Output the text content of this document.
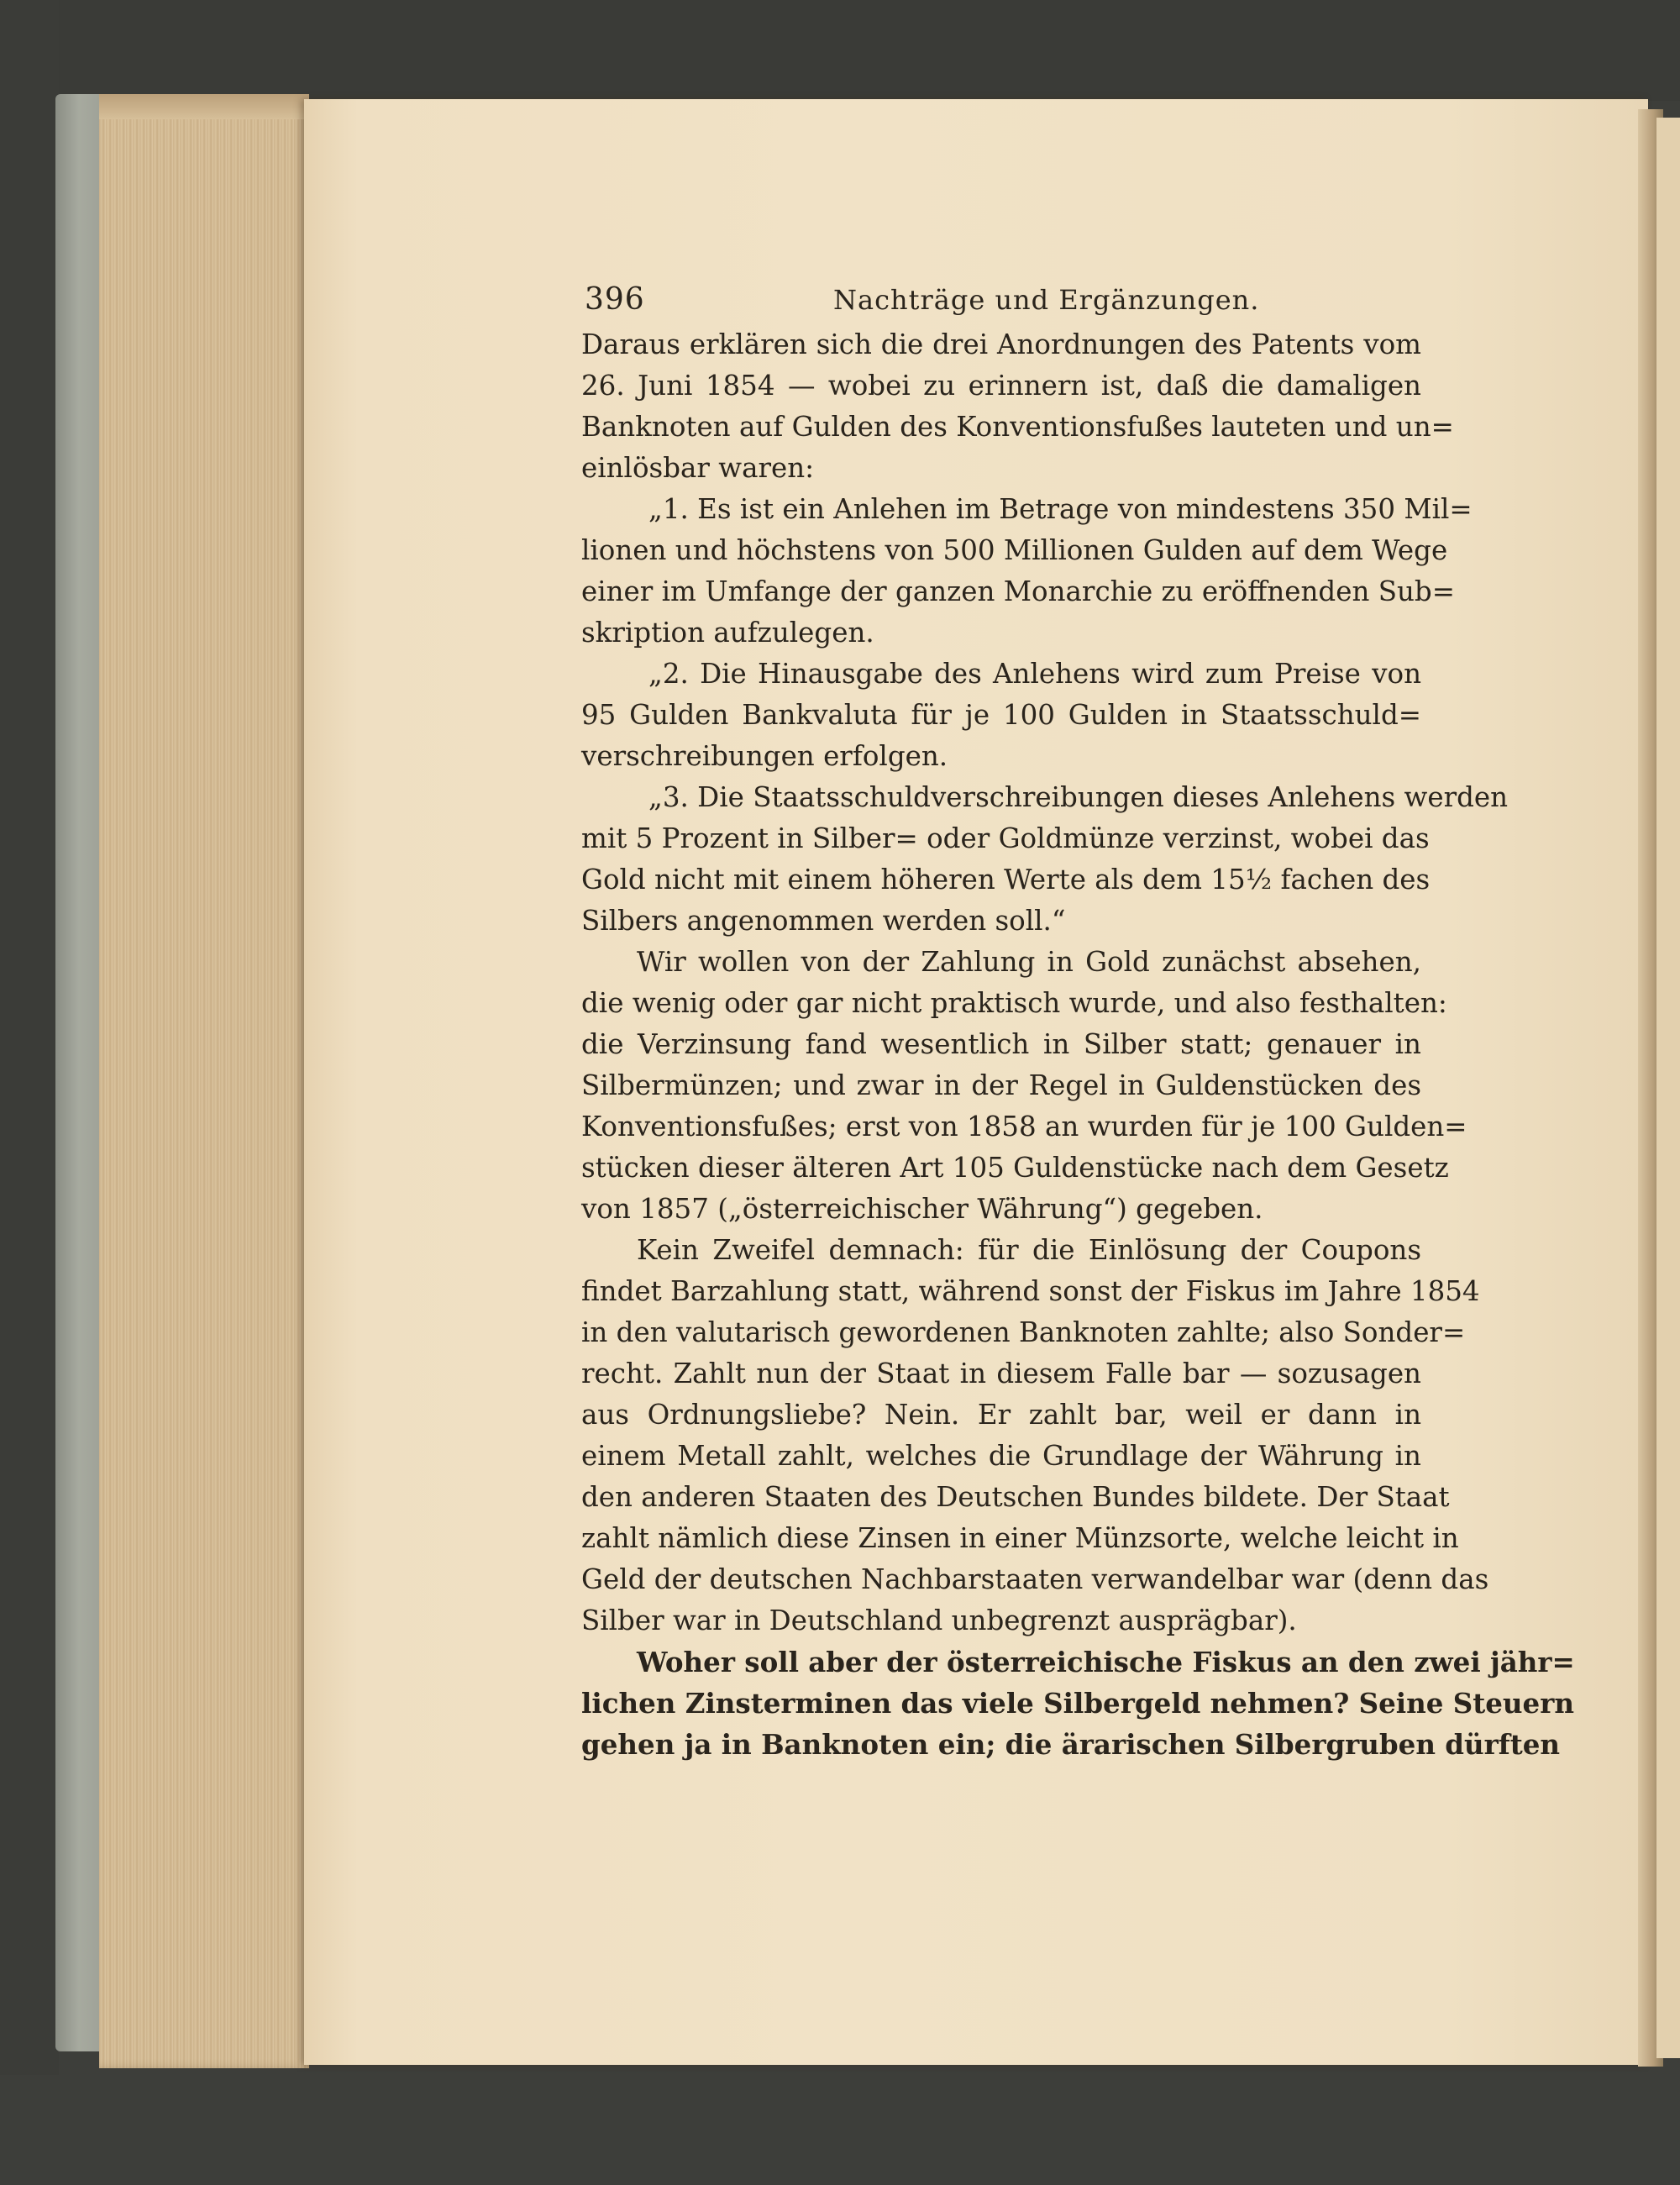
396	Nachträge und Ergänzungen.
Daraus erklären sich die drei Anordnungen des Patents vom
26. Juni 1854 — wobei zu erinnern ist, daß die damaligen
Banknoten auf Gulden des Konventionsfußes lauteten und un=
einlösbar waren:
„1. Es ist ein Anlehen im Betrage von mindestens 350 Mil=
lionen und höchstens von 500 Millionen Gulden auf dem Wege
einer im Umfange der ganzen Monarchie zu eröffnenden Sub=
skription aufzulegen.
„2. Die Hinausgabe des Anlehens wird zum Preise von
95 Gulden Bankvaluta für je 100 Gulden in Staatsschuld=
verschreibungen erfolgen.
„3. Die Staatsschuldverschreibungen dieses Anlehens werden
mit 5 Prozent in Silber= oder Goldmünze verzinst, wobei das
Gold nicht mit einem höheren Werte als dem 15½ fachen des
Silbers angenommen werden soll.“
Wir wollen von der Zahlung in Gold zunächst absehen,
die wenig oder gar nicht praktisch wurde, und also festhalten:
die Verzinsung fand wesentlich in Silber statt; genauer in
Silbermünzen; und zwar in der Regel in Guldenstücken des
Konventionsfußes; erst von 1858 an wurden für je 100 Gulden=
stücken dieser älteren Art 105 Guldenstücke nach dem Gesetz
von 1857 („österreichischer Währung“) gegeben.
Kein Zweifel demnach: für die Einlösung der Coupons
findet Barzahlung statt, während sonst der Fiskus im Jahre 1854
in den valutarisch gewordenen Banknoten zahlte; also Sonder=
recht. Zahlt nun der Staat in diesem Falle bar — sozusagen
aus Ordnungsliebe? Nein. Er zahlt bar, weil er dann in
einem Metall zahlt, welches die Grundlage der Währung in
den anderen Staaten des Deutschen Bundes bildete. Der Staat
zahlt nämlich diese Zinsen in einer Münzsorte, welche leicht in
Geld der deutschen Nachbarstaaten verwandelbar war (denn das
Silber war in Deutschland unbegrenzt ausprägbar).
Woher soll aber der österreichische Fiskus an den zwei jähr=
lichen Zinsterminen das viele Silbergeld nehmen? Seine Steuern
gehen ja in Banknoten ein; die ärarischen Silbergruben dürften
